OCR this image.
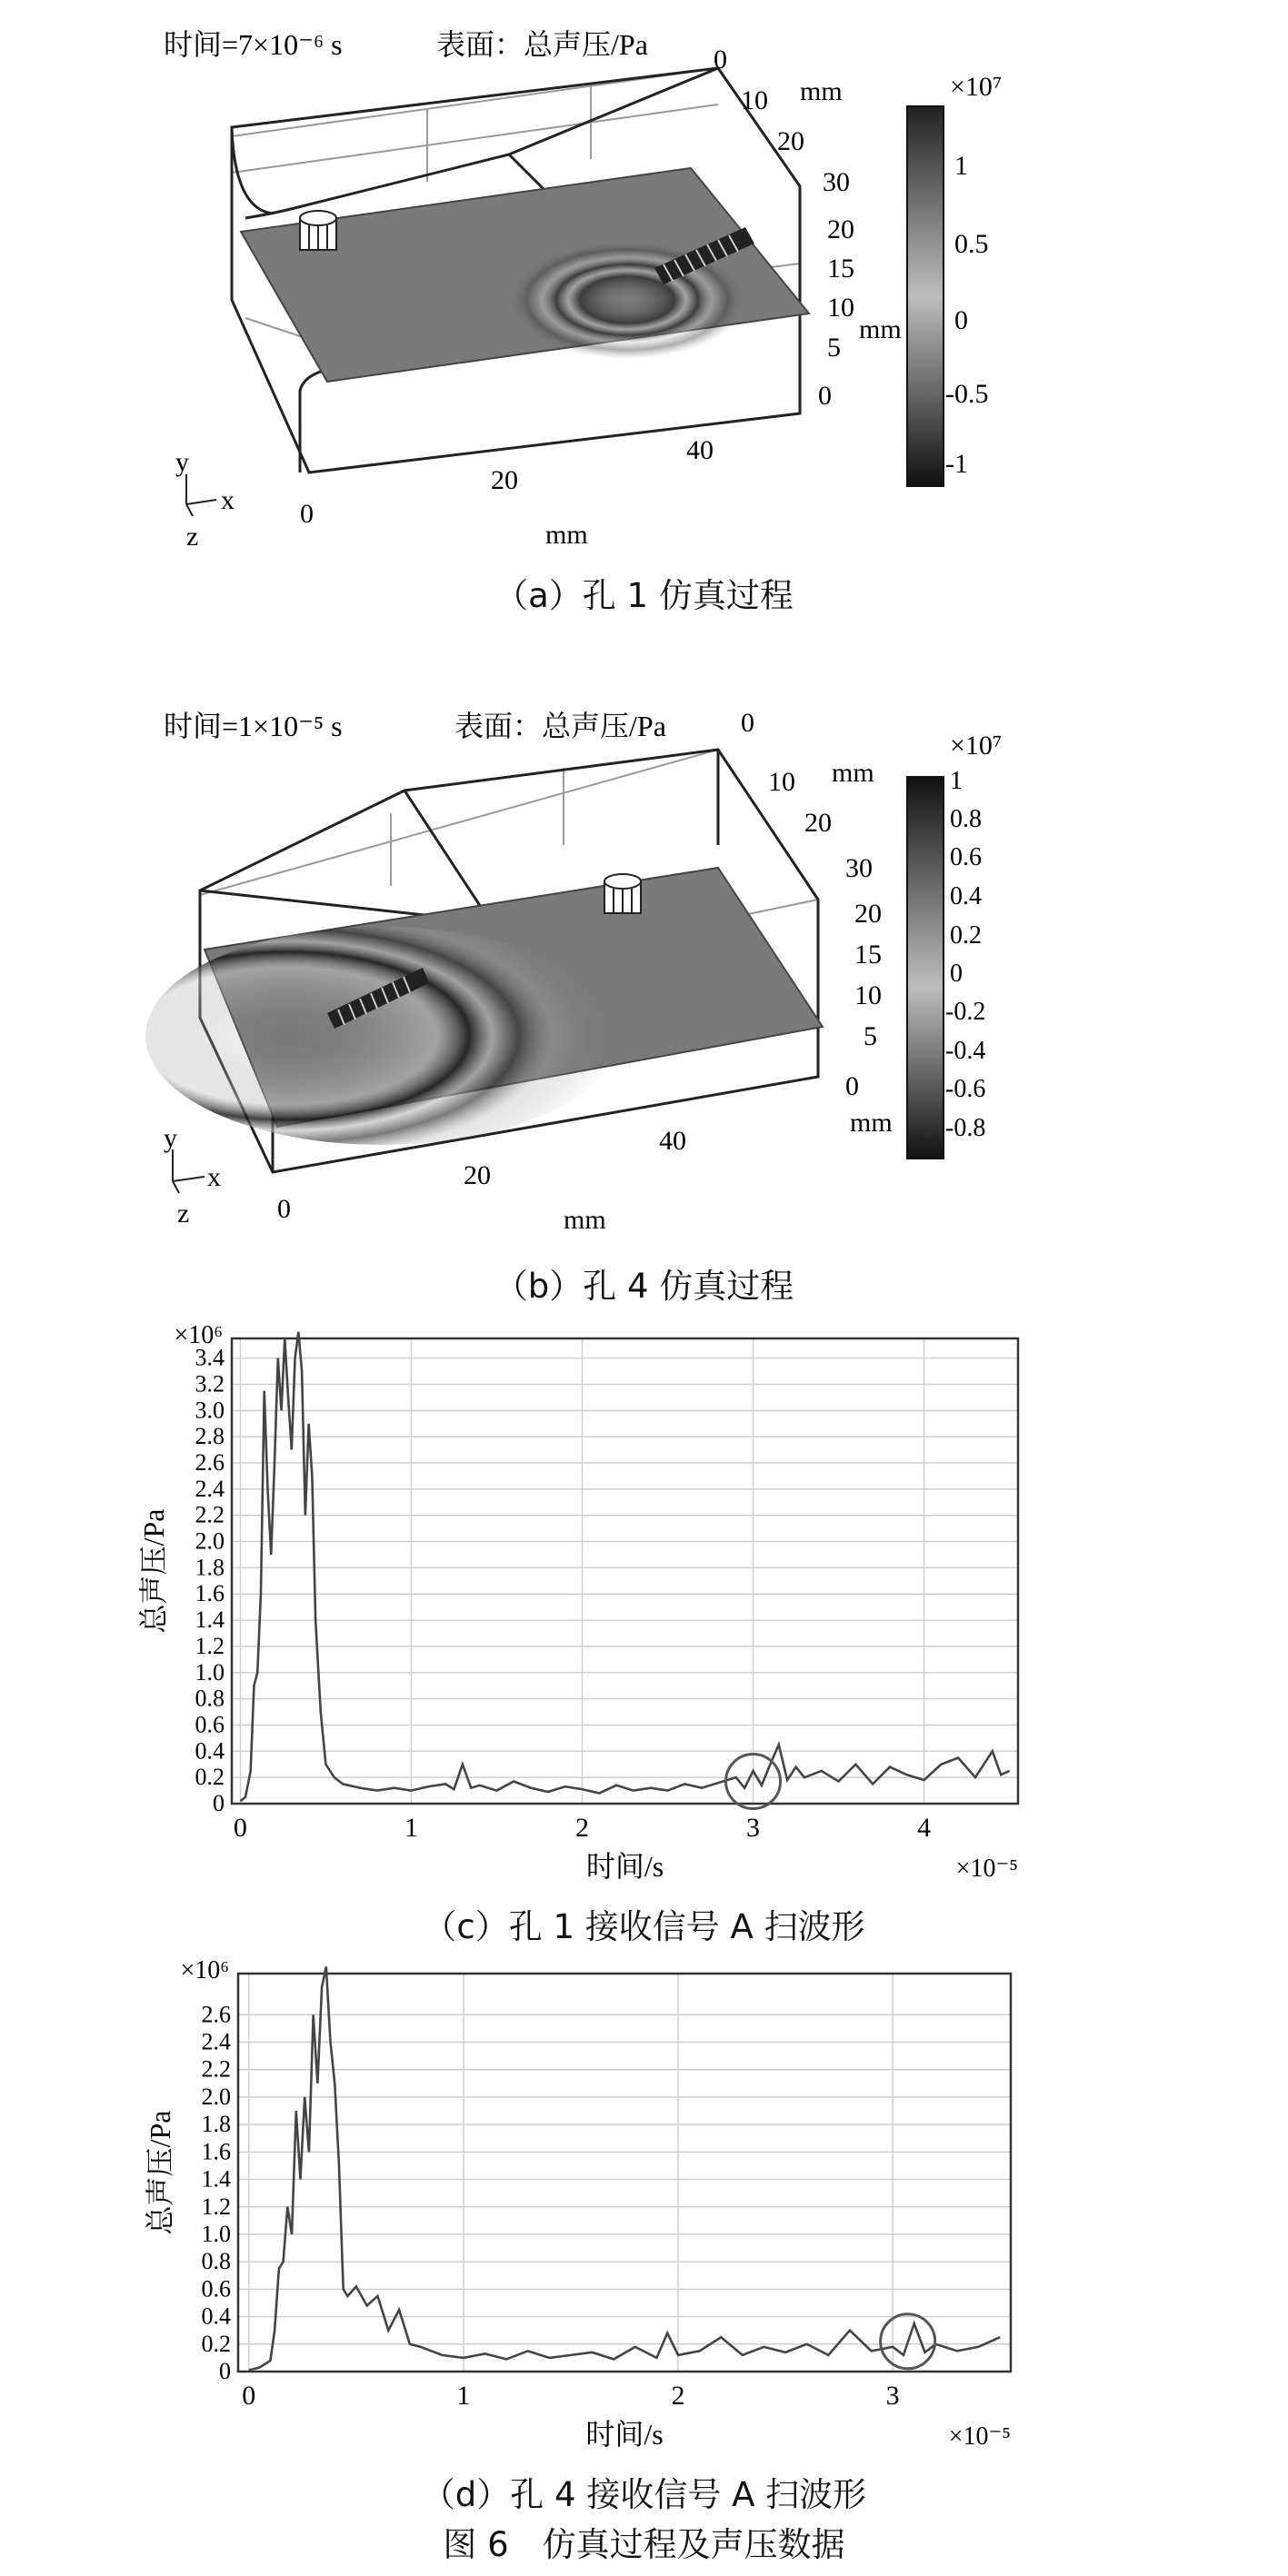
时间=7×10⁻⁶ s	表面：总声压/Pa 0
10
20
30
mm
20
15
10
5
0
mm
0
20
40
mm
y
x
z
×10⁷
1
0.5
0
-0.5
-1
（a）孔 1 仿真过程
时间=1×10⁻⁵ s	表面：总声压/Pa	0
10
20
30
mm
20
15
10
5
0
mm
0
20
40
mm
y
x
z
×10⁷
1
0.8
0.6
0.4
0.2
0
-0.2
-0.4
-0.6
-0.8
（b）孔 4 仿真过程
0
0.2
0.4
0.6
0.8
1.0
1.2
1.4
1.6
1.8
2.0
2.2
2.4
2.6
2.8
3.0
3.2
3.4
0	1	2	3	4
时间/s
总声压/Pa
×10⁶
×10⁻⁵
（c）孔 1 接收信号 A 扫波形
0
0.2
0.4
0.6
0.8
1.0
1.2
1.4
1.6
1.8
2.0
2.2
2.4
2.6
0	1	2	3
时间/s
总声压/Pa
×10⁶
×10⁻⁵
（d）孔 4 接收信号 A 扫波形
图 6　仿真过程及声压数据
